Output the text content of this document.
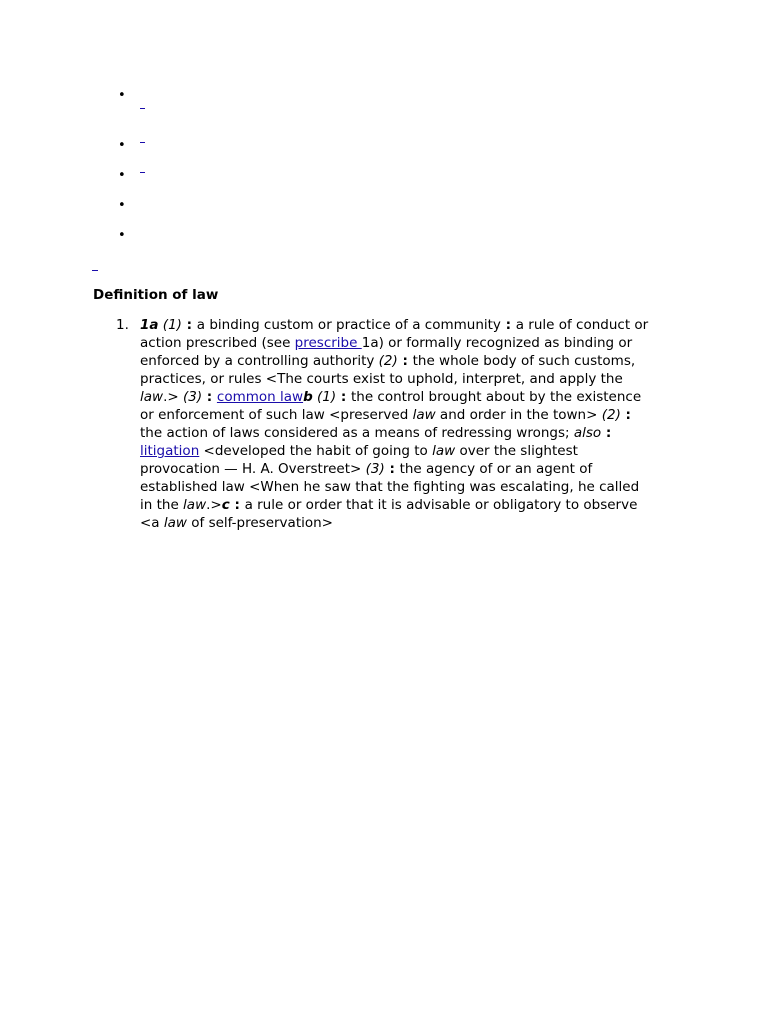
•
•
•
•
•
Definition of law
1. 1a (1) : a binding custom or practice of a community : a rule of conduct or action prescribed (see prescribe 1a) or formally recognized as binding or enforced by a controlling authority (2) : the whole body of such customs, practices, or rules <The courts exist to uphold, interpret, and apply the law.> (3) : common lawb (1) : the control brought about by the existence or enforcement of such law <preserved law and order in the town> (2) : the action of laws considered as a means of redressing wrongs; also : litigation <developed the habit of going to law over the slightest provocation — H. A. Overstreet> (3) : the agency of or an agent of established law <When he saw that the fighting was escalating, he called in the law.>c : a rule or order that it is advisable or obligatory to observe <a law of self-preservation>
